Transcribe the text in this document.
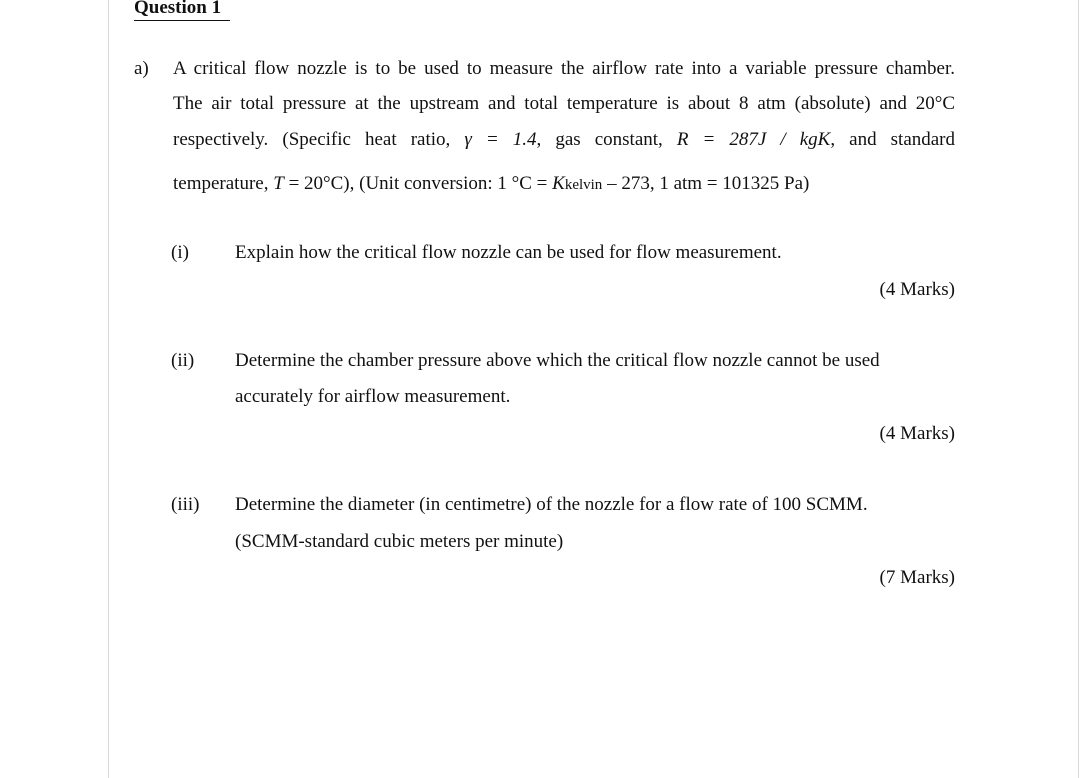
Question 1
a) A critical flow nozzle is to be used to measure the airflow rate into a variable pressure chamber.
The air total pressure at the upstream and total temperature is about 8 atm (absolute) and 20°C
respectively. (Specific heat ratio, γ = 1.4, gas constant, R = 287J / kgK, and standard
temperature, T = 20°C), (Unit conversion: 1 °C = Kkelvin – 273, 1 atm = 101325 Pa)
(i) Explain how the critical flow nozzle can be used for flow measurement.
(4 Marks)
(ii) Determine the chamber pressure above which the critical flow nozzle cannot be used
accurately for airflow measurement.
(4 Marks)
(iii) Determine the diameter (in centimetre) of the nozzle for a flow rate of 100 SCMM.
(SCMM-standard cubic meters per minute)
(7 Marks)
